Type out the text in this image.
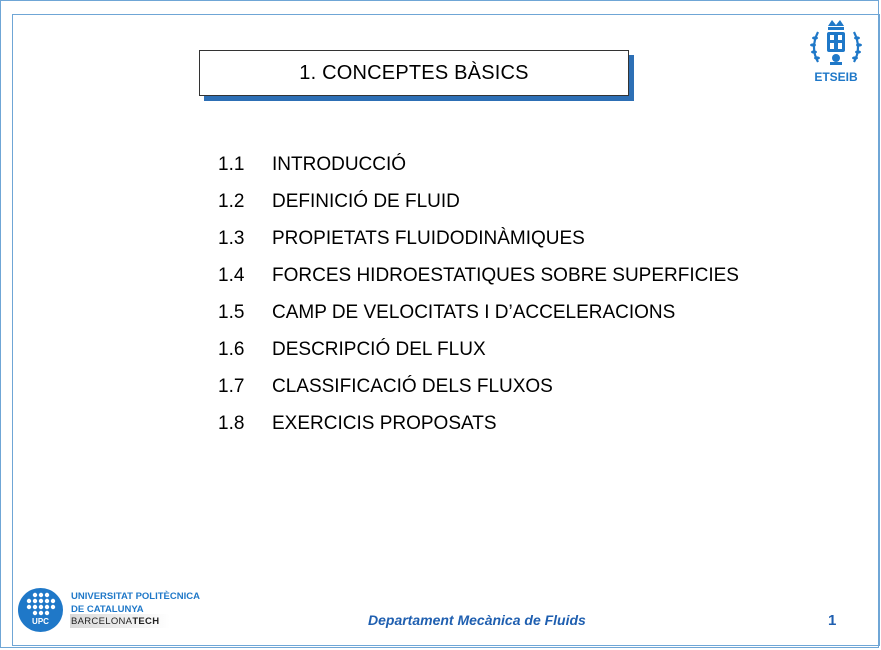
1. CONCEPTES BÀSICS
1.1 INTRODUCCIÓ
1.2 DEFINICIÓ DE FLUID
1.3 PROPIETATS FLUIDODINÀMIQUES
1.4 FORCES HIDROESTATIQUES SOBRE SUPERFICIES
1.5 CAMP DE VELOCITATS I D’ACCELERACIONS
1.6 DESCRIPCIÓ DEL FLUX
1.7 CLASSIFICACIÓ DELS FLUXOS
1.8 EXERCICIS PROPOSATS
ETSEIB
UPC
UNIVERSITAT POLITÈCNICA
DE CATALUNYA
BARCELONATECH	Departament Mecànica de Fluids	1
